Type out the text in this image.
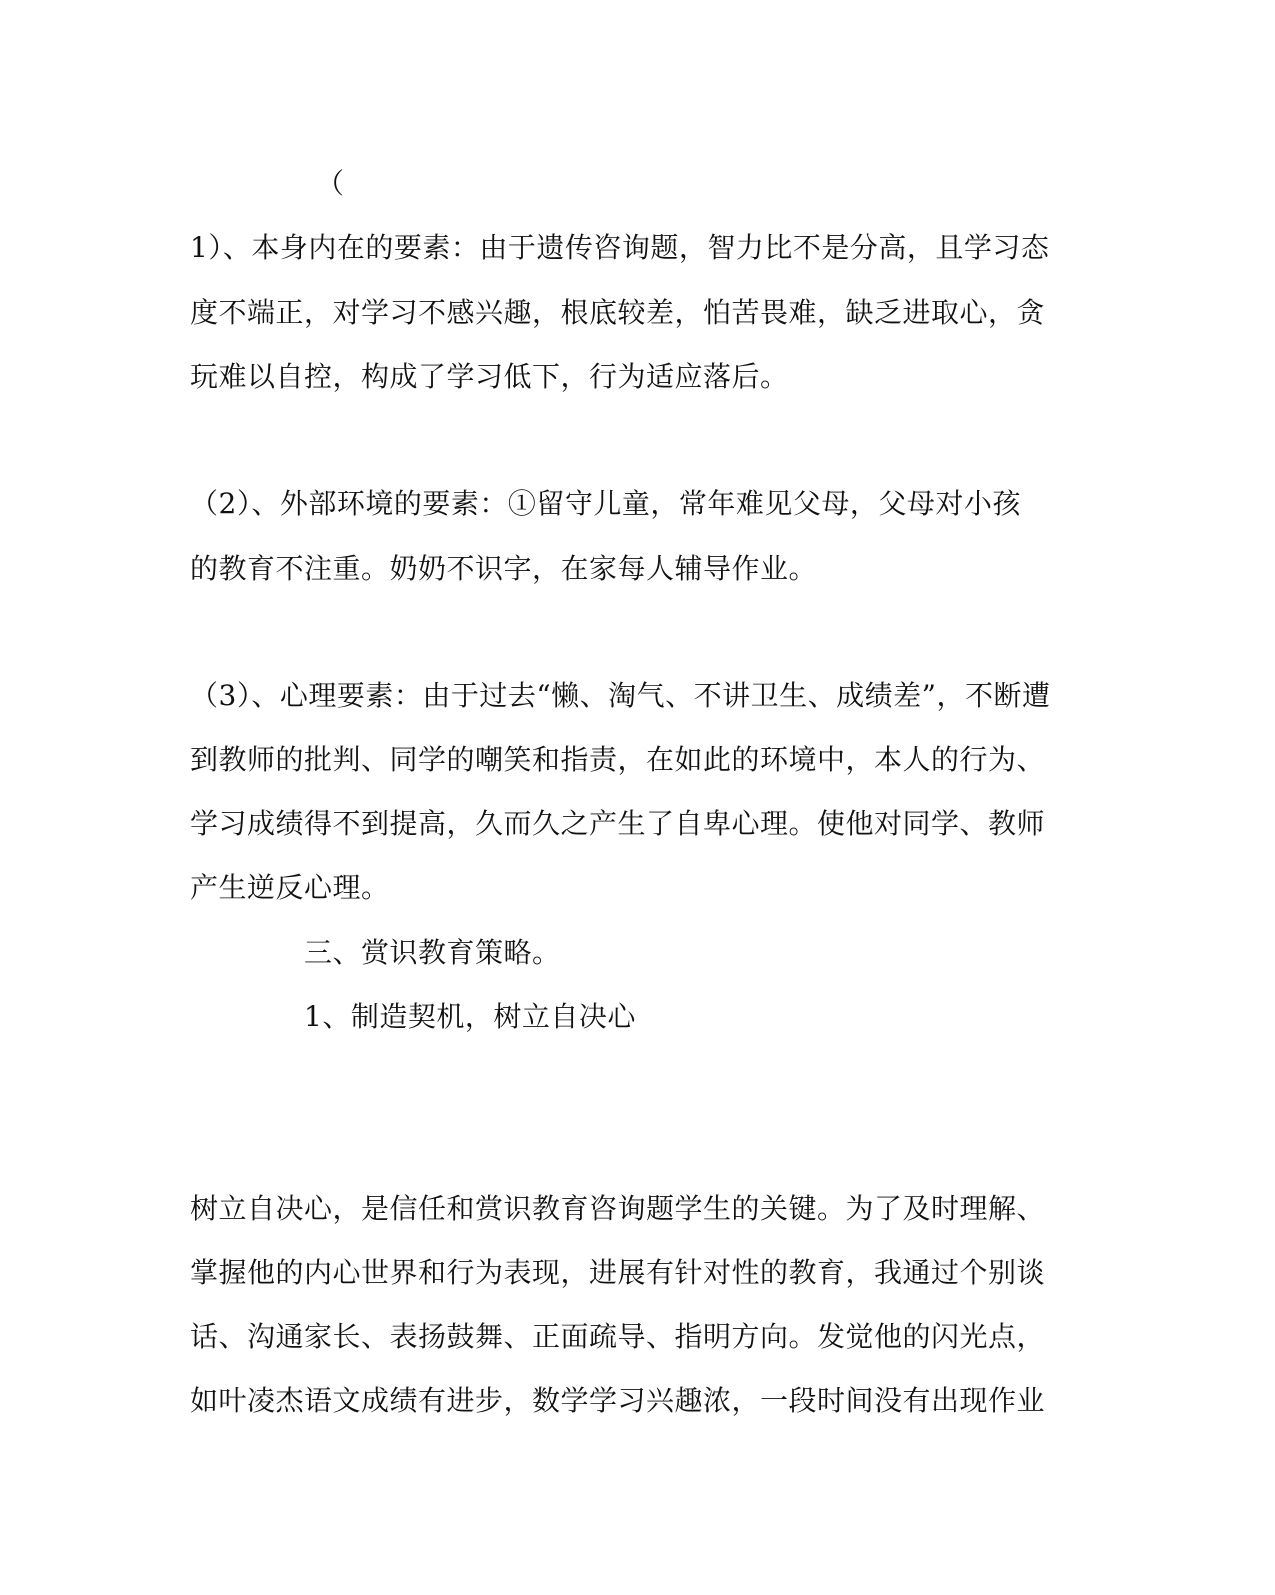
（
1）、本身内在的要素：由于遗传咨询题，智力比不是分高，且学习态
度不端正，对学习不感兴趣，根底较差，怕苦畏难，缺乏进取心，贪
玩难以自控，构成了学习低下，行为适应落后。
（2）、外部环境的要素：①留守儿童，常年难见父母，父母对小孩
的教育不注重。奶奶不识字，在家每人辅导作业。
（3）、心理要素：由于过去“懒、淘气、不讲卫生、成绩差”，不断遭
到教师的批判、同学的嘲笑和指责，在如此的环境中，本人的行为、
学习成绩得不到提高，久而久之产生了自卑心理。使他对同学、教师
产生逆反心理。
三、赏识教育策略。
1、制造契机，树立自决心
树立自决心，是信任和赏识教育咨询题学生的关键。为了及时理解、
掌握他的内心世界和行为表现，进展有针对性的教育，我通过个别谈
话、沟通家长、表扬鼓舞、正面疏导、指明方向。发觉他的闪光点，
如叶凌杰语文成绩有进步，数学学习兴趣浓，一段时间没有出现作业
